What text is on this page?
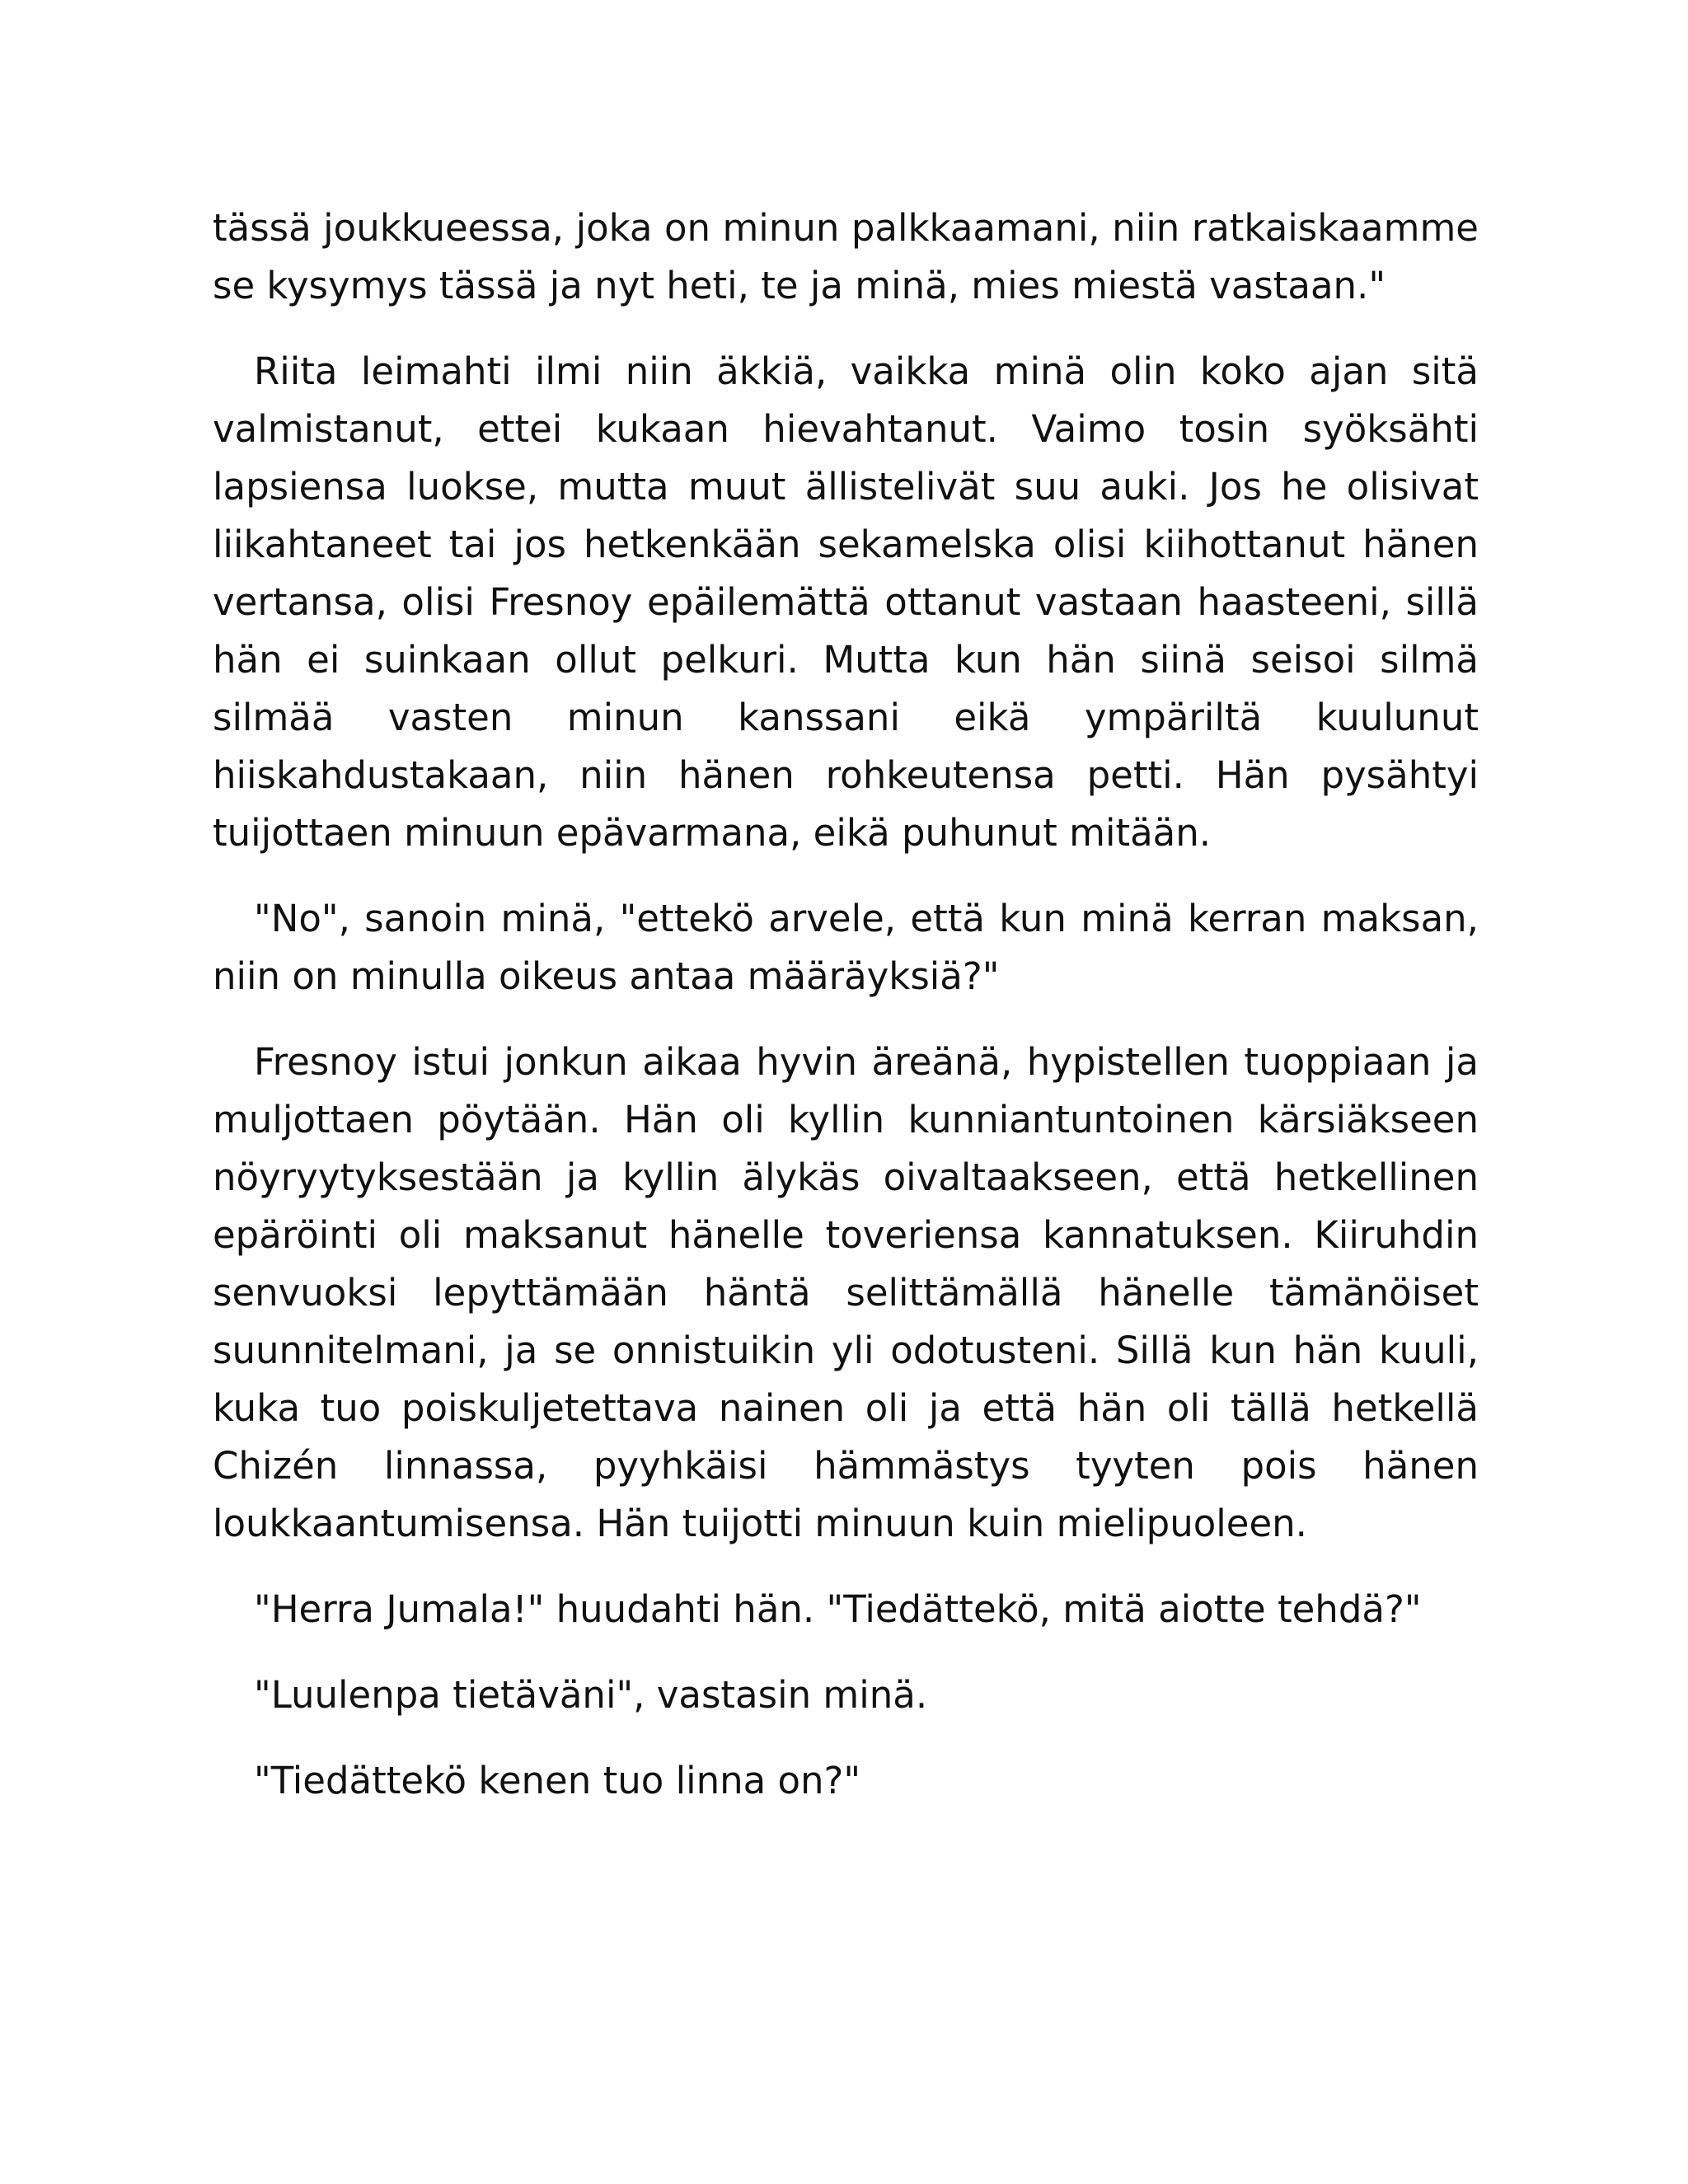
tässä joukkueessa, joka on minun palkkaamani, niin ratkaiskaamme se kysymys tässä ja nyt heti, te ja minä, mies miestä vastaan."

Riita leimahti ilmi niin äkkiä, vaikka minä olin koko ajan sitä valmistanut, ettei kukaan hievahtanut. Vaimo tosin syöksähti lapsiensa luokse, mutta muut ällistelivät suu auki. Jos he olisivat liikahtaneet tai jos hetkenkään sekamelska olisi kiihottanut hänen vertansa, olisi Fresnoy epäilemättä ottanut vastaan haasteeni, sillä hän ei suinkaan ollut pelkuri. Mutta kun hän siinä seisoi silmä silmää vasten minun kanssani eikä ympäriltä kuulunut hiiskahdustakaan, niin hänen rohkeutensa petti. Hän pysähtyi tuijottaen minuun epävarmana, eikä puhunut mitään.

"No", sanoin minä, "ettekö arvele, että kun minä kerran maksan, niin on minulla oikeus antaa määräyksiä?"

Fresnoy istui jonkun aikaa hyvin äreänä, hypistellen tuoppiaan ja muljottaen pöytään. Hän oli kyllin kunniantuntoinen kärsiäkseen nöyryytyksestään ja kyllin älykäs oivaltaakseen, että hetkellinen epäröinti oli maksanut hänelle toveriensa kannatuksen. Kiiruhdin senvuoksi lepyttämään häntä selittämällä hänelle tämänöiset suunnitelmani, ja se onnistuikin yli odotusteni. Sillä kun hän kuuli, kuka tuo poiskuljetettava nainen oli ja että hän oli tällä hetkellä Chizén linnassa, pyyhkäisi hämmästys tyyten pois hänen loukkaantumisensa. Hän tuijotti minuun kuin mielipuoleen.

"Herra Jumala!" huudahti hän. "Tiedättekö, mitä aiotte tehdä?"

"Luulenpa tietäväni", vastasin minä.

"Tiedättekö kenen tuo linna on?"
